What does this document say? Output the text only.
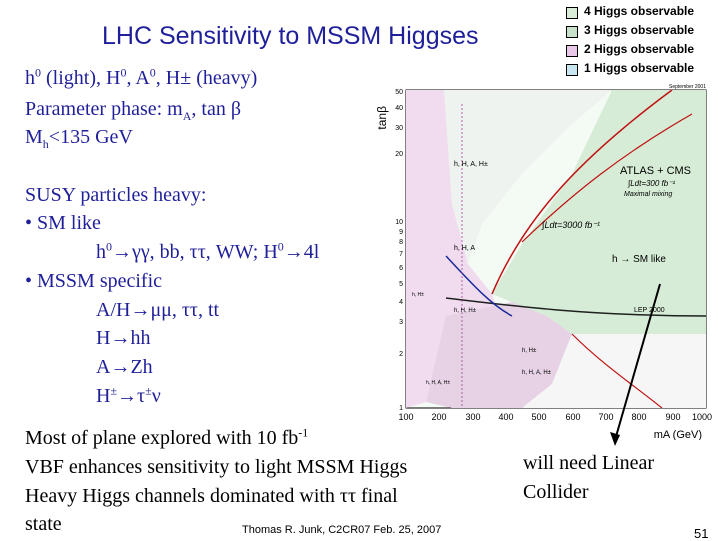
LHC Sensitivity to MSSM Higgses
4 Higgs observable
3 Higgs observable
2 Higgs observable
1 Higgs observable
$h^0$ (light), $H^0$, $A^0$, H± (heavy)
Parameter phase: $m_A$, tan β
$M_h<135$ GeV
SUSY particles heavy:
• SM like
$h^0\to\gamma\gamma$, bb, ττ, WW; $H^0\to 4l$
• MSSM specific
A/H→μμ, ττ, tt
H→hh
A→Zh
H±→τ±ν
Most of plane explored with 10 $fb^{-1}$
VBF enhances sensitivity to light MSSM Higgs
Heavy Higgs channels dominated with ττ final
state
will need Linear
Collider
Thomas R. Junk, C2CR07 Feb. 25, 2007	51
tanβ
50
40
30
20
10
9
8
7
6
5
4
3
2
1
100 200 300 400 500 600 700 800 900 1000
mA (GeV)
September 2001
ATLAS + CMS
∫Ldt=300 fb⁻¹
Maximal mixing
∫Ldt=3000 fb⁻¹
h → SM like
LEP 2000
h, H, A, H±
h, H, A
h, H, H±
h, H±
h, H, A, H±
h, H±
h, H, A, H±
